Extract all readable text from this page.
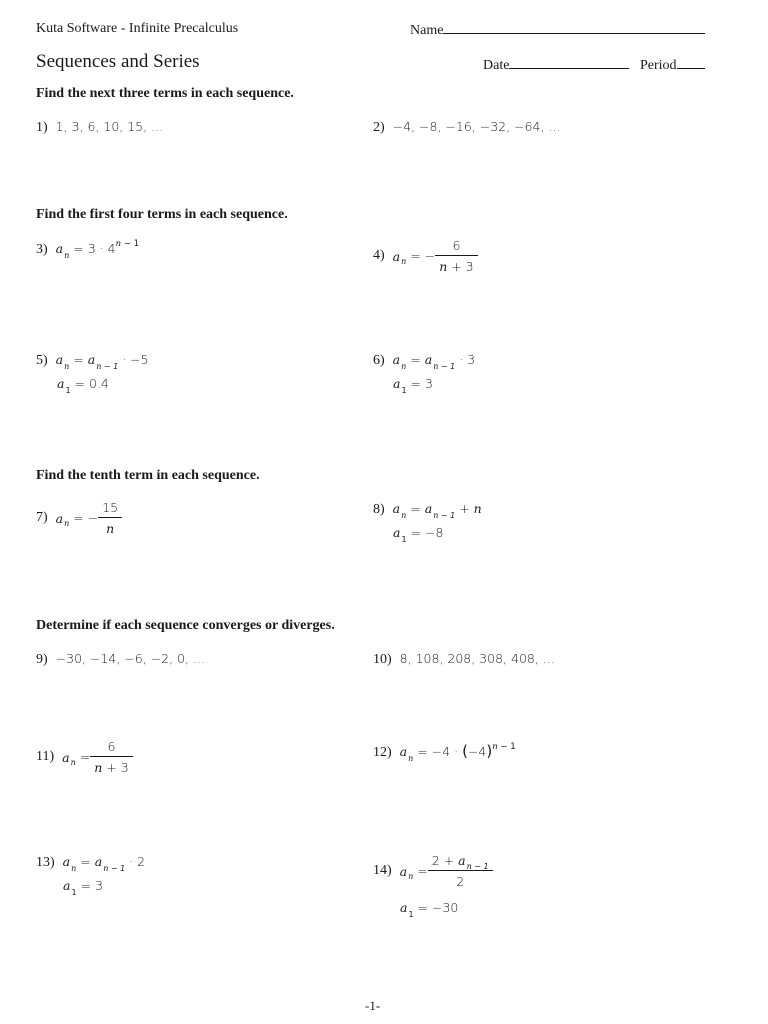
Kuta Software - Infinite Precalculus	Name
Sequences and Series	Date	Period
Find the next three terms in each sequence.
1) 1, 3, 6, 10, 15, ...	2) −4, −8, −16, −32, −64, ...
Find the first four terms in each sequence.
3) $a_n = 3 \cdot 4^{n - 1}$
4) $a_n$ = − $\frac{6}{n + 3}$
5) $a_n = a_{n - 1} \cdot -5$
$a_1 = 0.4$
6) $a_n = a_{n - 1} \cdot 3$
$a_1 = 3$
Find the tenth term in each sequence.
7) $a_n$ = − $\frac{15}{n}$	8) $a_n = a_{n - 1} + n$
$a_1 = -8$
Determine if each sequence converges or diverges.
9) −30, −14, −6, −2, 0, ...	10) 8, 108, 208, 308, 408, ...
11) $a_n = \frac{6}{n + 3}$	12) $a_n = -4 \cdot (-4)^{n - 1}$
13) $a_n = a_{n - 1} \cdot 2$
$a_1 = 3$
14) $a_n = \frac{2 + a_{n - 1}}{2}$
$a_1 = -30$
-1-
